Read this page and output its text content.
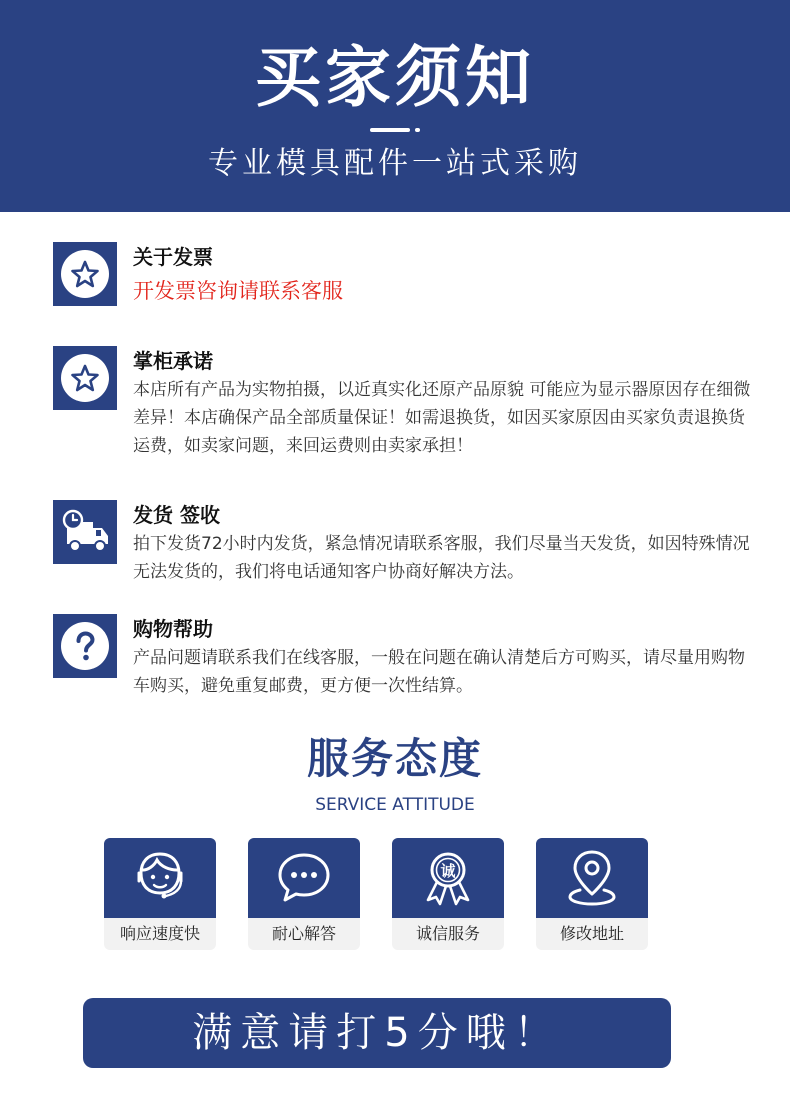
买家须知
专业模具配件一站式采购
关于发票
开发票咨询请联系客服
掌柜承诺
本店所有产品为实物拍摄，以近真实化还原产品原貌 可能应为显示器原因存在细微差异！本店确保产品全部质量保证！如需退换货，如因买家原因由买家负责退换货运费，如卖家问题，来回运费则由卖家承担！
发货 签收
拍下发货72小时内发货，紧急情况请联系客服，我们尽量当天发货，如因特殊情况无法发货的，我们将电话通知客户协商好解决方法。
购物帮助
产品问题请联系我们在线客服，一般在问题在确认清楚后方可购买，请尽量用购物车购买，避免重复邮费，更方便一次性结算。
服务态度
SERVICE ATTITUDE
响应速度快	耐心解答
诚
诚信服务	修改地址
满意请打5分哦！
